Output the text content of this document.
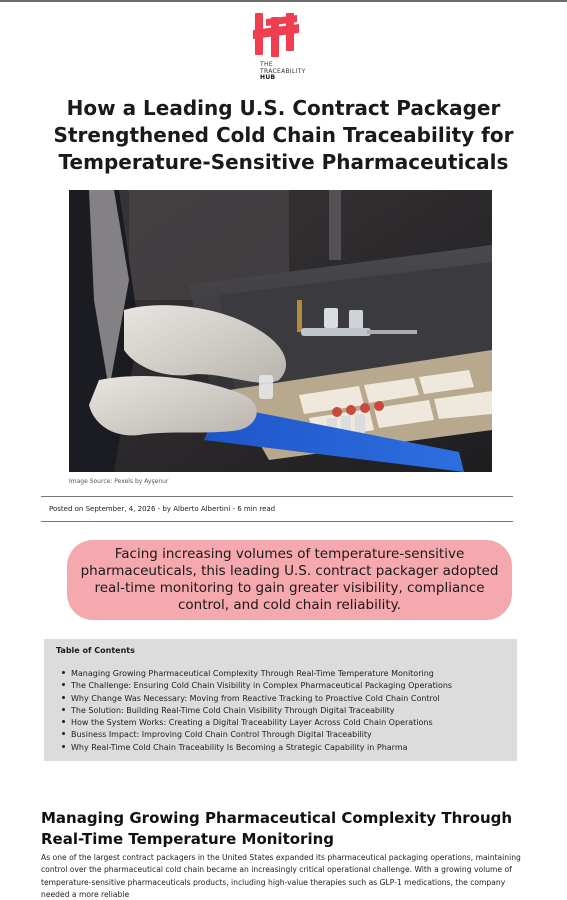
THE
TRACEABILITY
HUB
How a Leading U.S. Contract Packager Strengthened Cold Chain Traceability for Temperature-Sensitive Pharmaceuticals
Image Source: Pexels by Ayşenur
Posted on September, 4, 2026 - by Alberto Albertini - 6 min read
Facing increasing volumes of temperature-sensitive pharmaceuticals, this leading U.S. contract packager adopted real-time monitoring to gain greater visibility, compliance control, and cold chain reliability.
Table of Contents
Managing Growing Pharmaceutical Complexity Through Real-Time Temperature Monitoring
The Challenge: Ensuring Cold Chain Visibility in Complex Pharmaceutical Packaging Operations
Why Change Was Necessary: Moving from Reactive Tracking to Proactive Cold Chain Control
The Solution: Building Real-Time Cold Chain Visibility Through Digital Traceability
How the System Works: Creating a Digital Traceability Layer Across Cold Chain Operations
Business Impact: Improving Cold Chain Control Through Digital Traceability
Why Real-Time Cold Chain Traceability Is Becoming a Strategic Capability in Pharma
Managing Growing Pharmaceutical Complexity Through Real-Time Temperature Monitoring

As one of the largest contract packagers in the United States expanded its pharmaceutical packaging operations, maintaining control over the pharmaceutical cold chain became an increasingly critical operational challenge. With a growing volume of temperature-sensitive pharmaceuticals products, including high-value therapies such as GLP-1 medications, the company needed a more reliable
